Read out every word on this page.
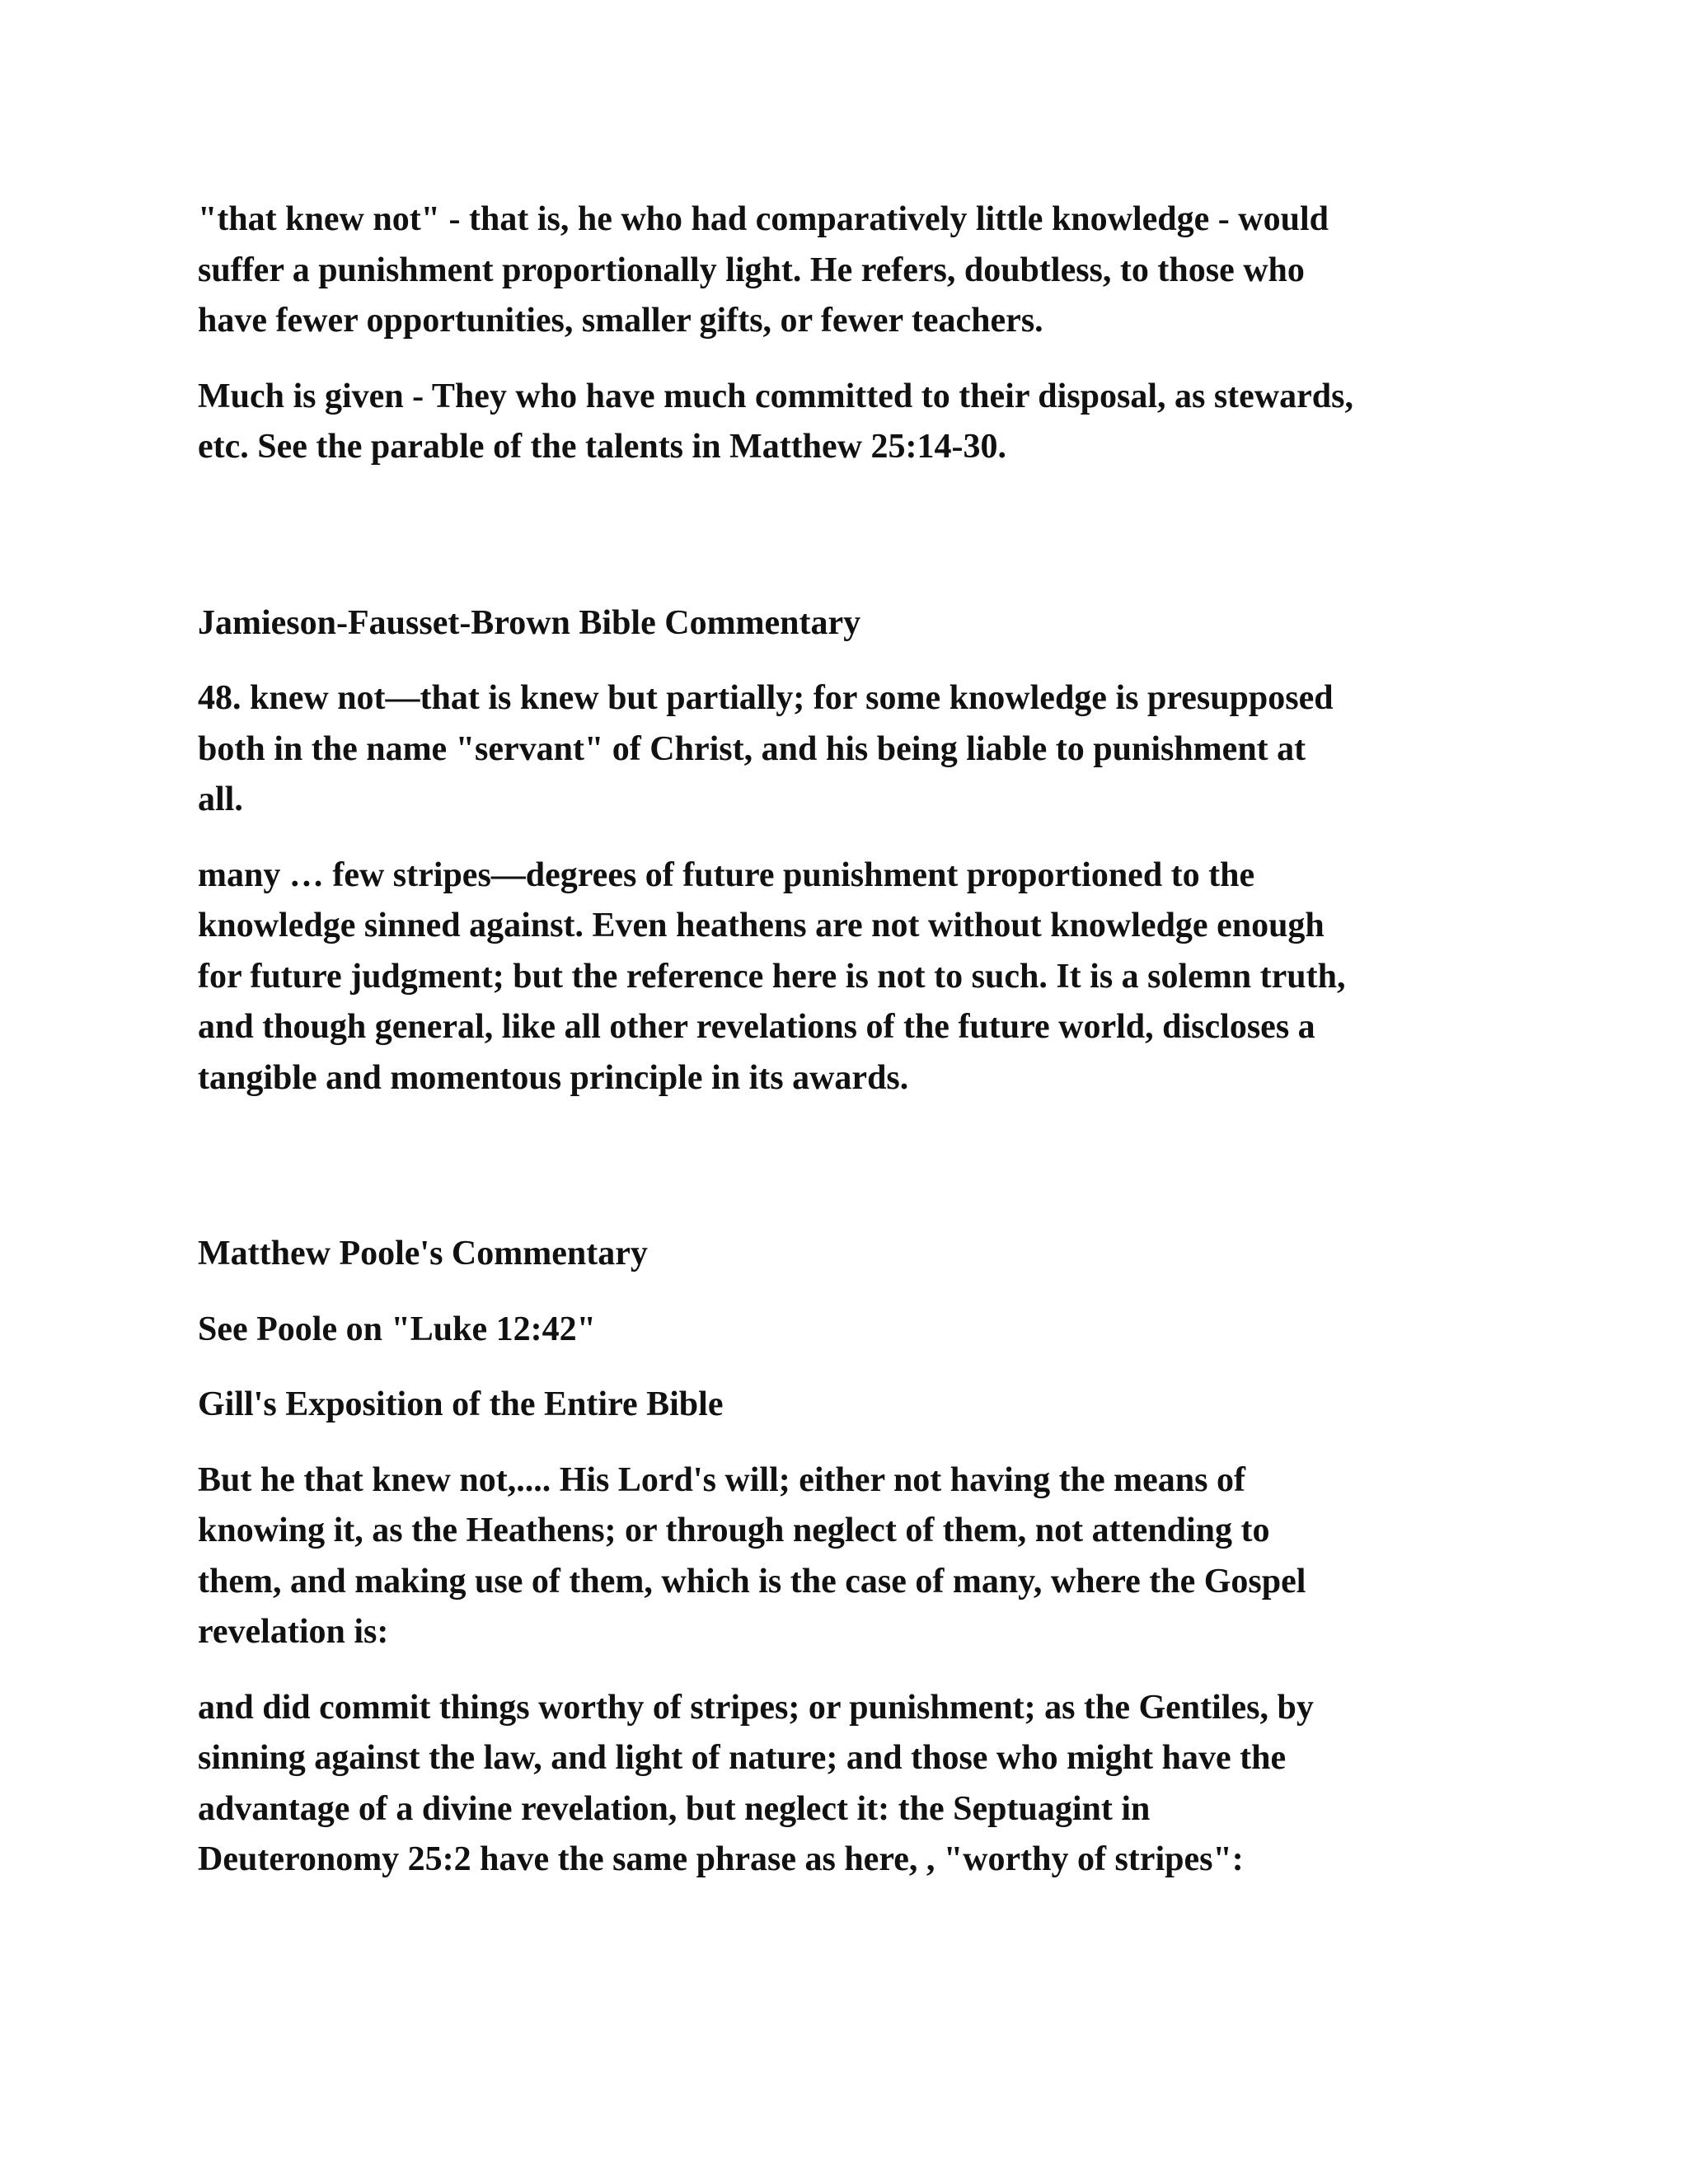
"that knew not" - that is, he who had comparatively little knowledge - would
suffer a punishment proportionally light. He refers, doubtless, to those who
have fewer opportunities, smaller gifts, or fewer teachers.

Much is given - They who have much committed to their disposal, as stewards,
etc. See the parable of the talents in Matthew 25:14-30.

Jamieson-Fausset-Brown Bible Commentary

48. knew not—that is knew but partially; for some knowledge is presupposed
both in the name "servant" of Christ, and his being liable to punishment at
all.

many … few stripes—degrees of future punishment proportioned to the
knowledge sinned against. Even heathens are not without knowledge enough
for future judgment; but the reference here is not to such. It is a solemn truth,
and though general, like all other revelations of the future world, discloses a
tangible and momentous principle in its awards.

Matthew Poole's Commentary

See Poole on "Luke 12:42"

Gill's Exposition of the Entire Bible

But he that knew not,.... His Lord's will; either not having the means of
knowing it, as the Heathens; or through neglect of them, not attending to
them, and making use of them, which is the case of many, where the Gospel
revelation is:

and did commit things worthy of stripes; or punishment; as the Gentiles, by
sinning against the law, and light of nature; and those who might have the
advantage of a divine revelation, but neglect it: the Septuagint in
Deuteronomy 25:2 have the same phrase as here, , "worthy of stripes":
